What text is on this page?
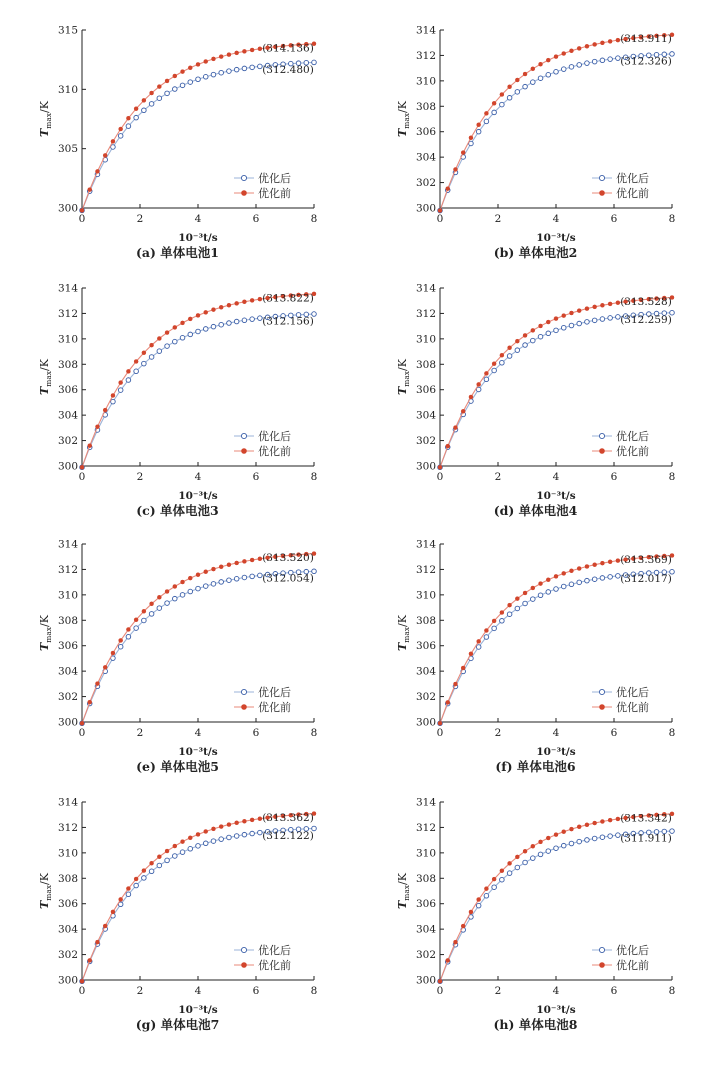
0	2	4	6	8
300
305
310
315
10⁻³t/s
$T_{max}/K$
(312.480)
(314.136)
优化后
优化前
(a) 单体电池1
0	2	4	6	8
300
302
304
306
308
310
312
314
10⁻³t/s
$T_{max}/K$
(312.326)
(313.911)
优化后
优化前
(b) 单体电池2
0	2	4	6	8
300
302
304
306
308
310
312
314
10⁻³t/s
$T_{max}/K$
(312.156)
(313.822)
优化后
优化前
(c) 单体电池3
0	2	4	6	8
300
302
304
306
308
310
312
314
10⁻³t/s
$T_{max}/K$
(312.259)
(313.528)
优化后
优化前
(d) 单体电池4
0	2	4	6	8
300
302
304
306
308
310
312
314
10⁻³t/s
$T_{max}/K$
(312.054)
(313.520)
优化后
优化前
(e) 单体电池5
0	2	4	6	8
300
302
304
306
308
310
312
314
10⁻³t/s
$T_{max}/K$
(312.017)
(313.369)
优化后
优化前
(f) 单体电池6
0	2	4	6	8
300
302
304
306
308
310
312
314
10⁻³t/s
$T_{max}/K$
(312.122)
(313.362)
优化后
优化前
(g) 单体电池7
0	2	4	6	8
300
302
304
306
308
310
312
314
10⁻³t/s
$T_{max}/K$
(311.911)
(313.342)
优化后
优化前
(h) 单体电池8
